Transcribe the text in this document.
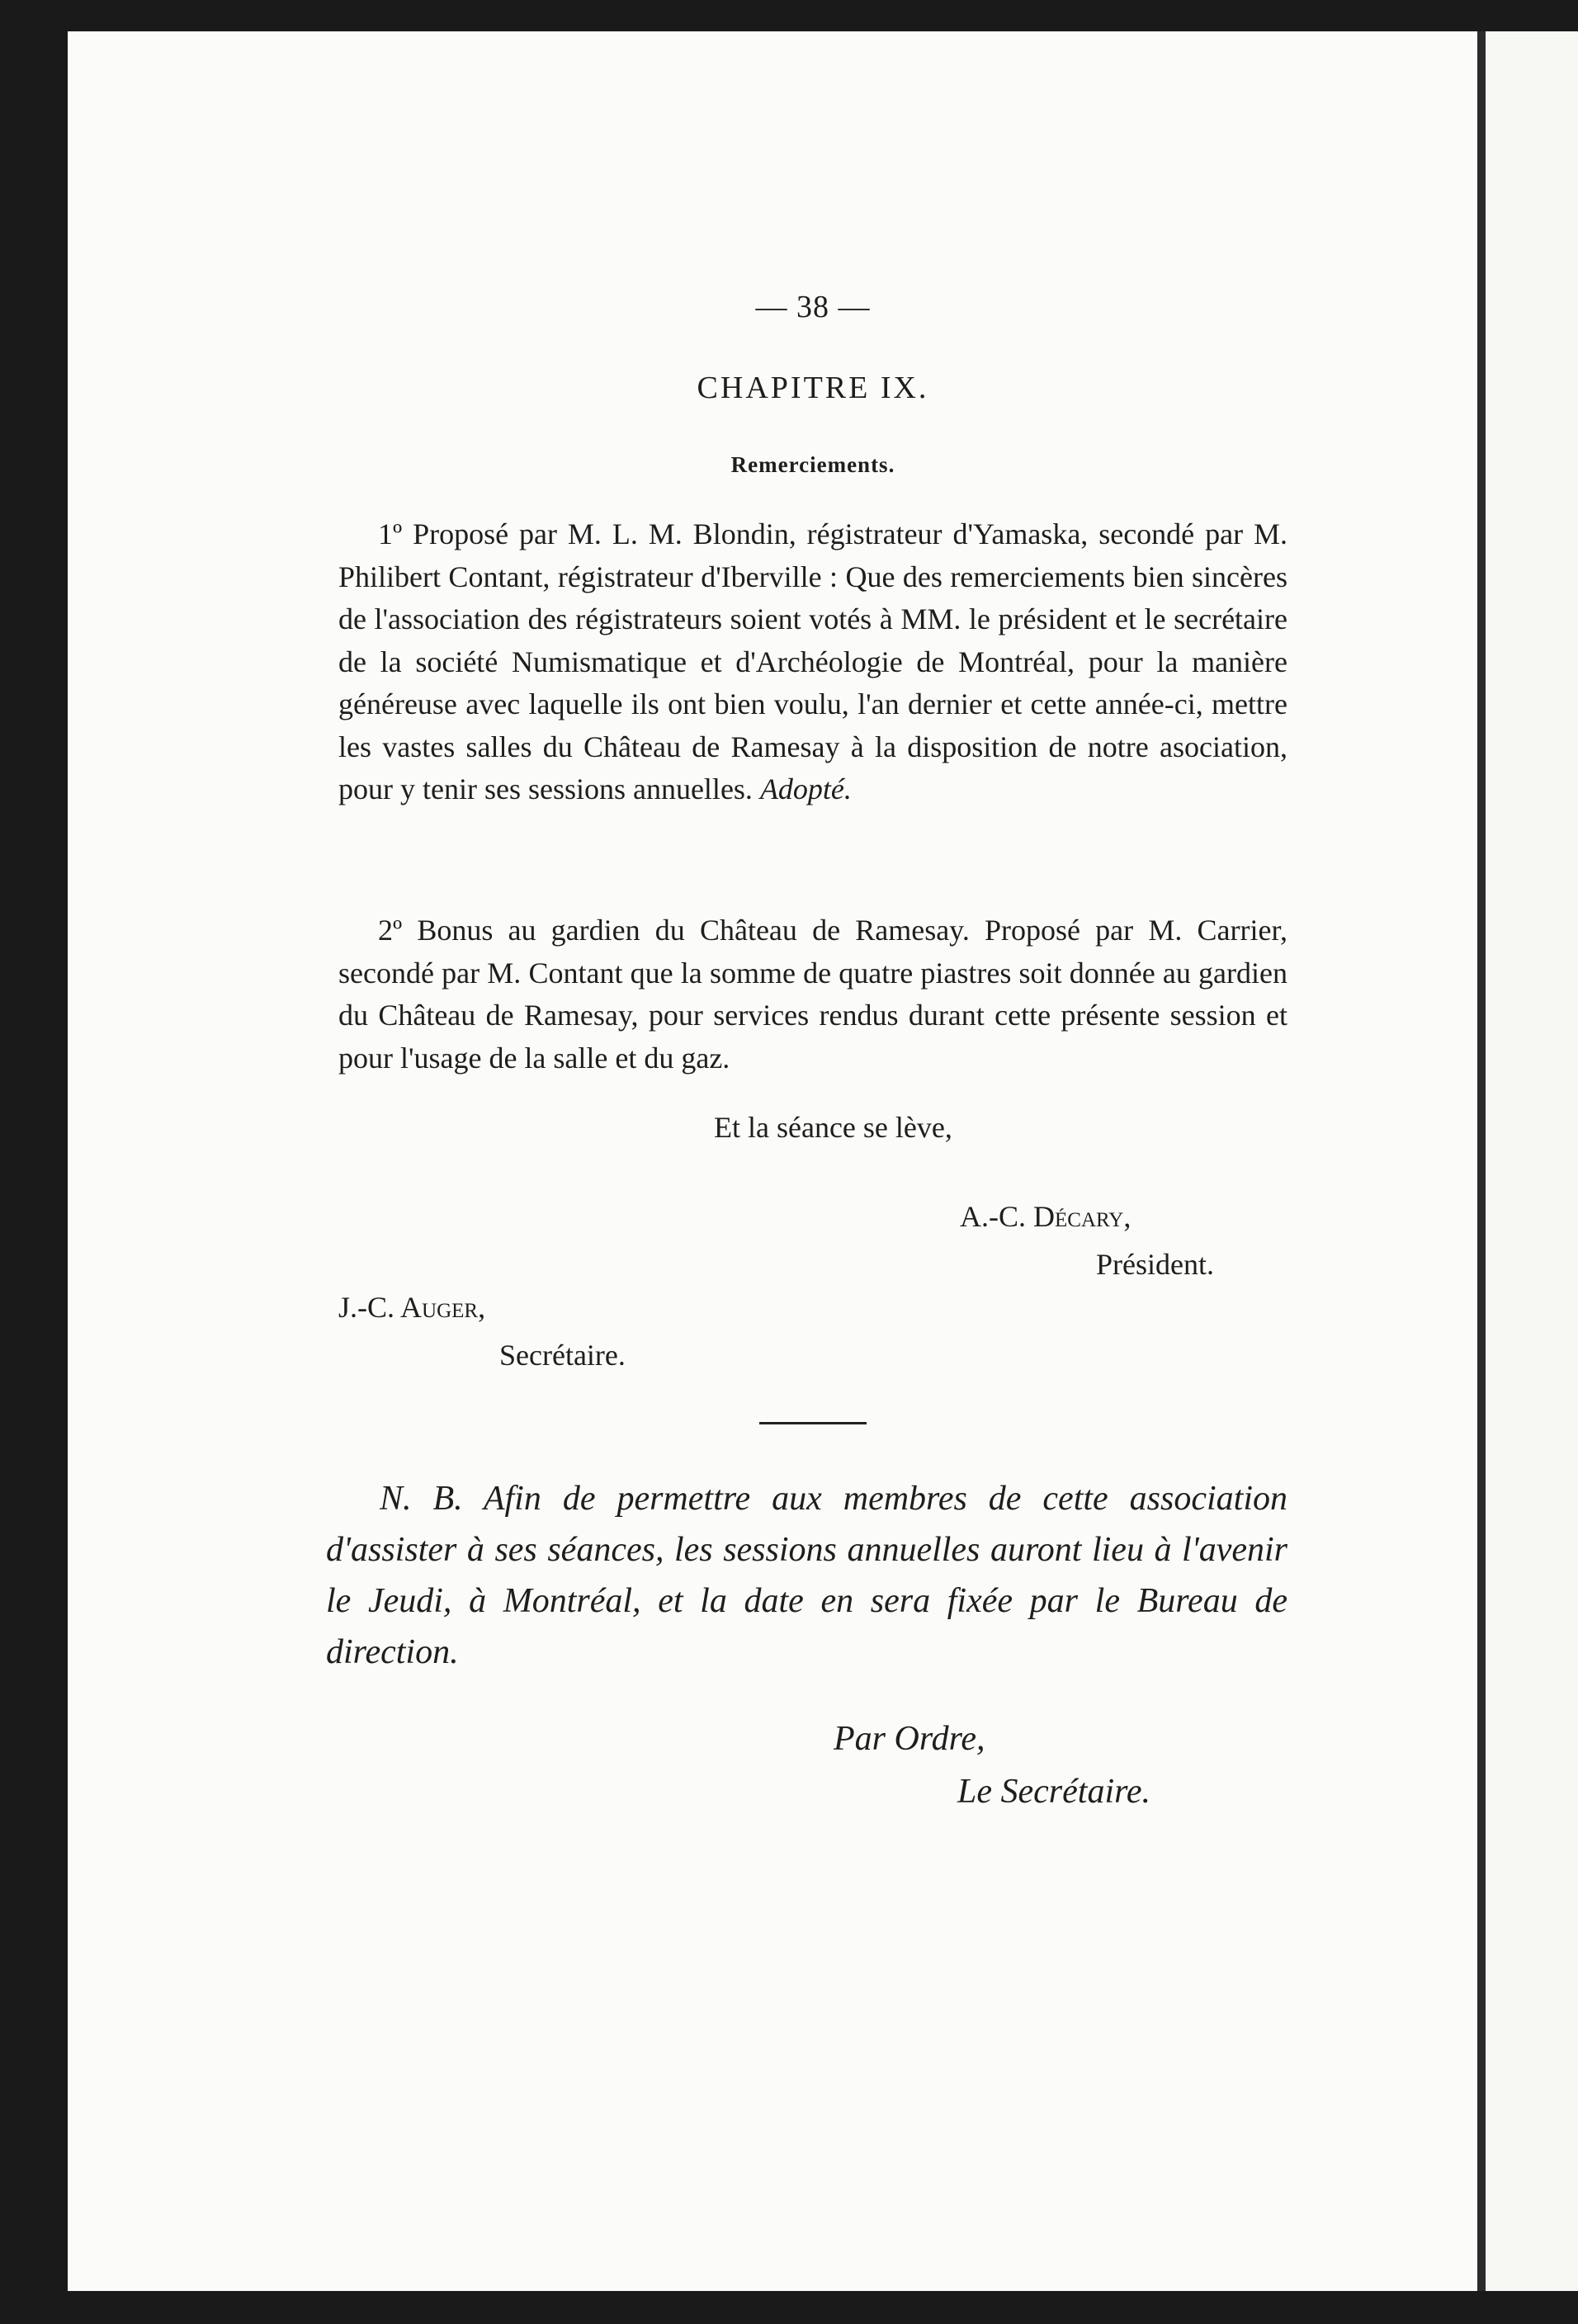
— 38 —
CHAPITRE IX.
Remerciements.
1º Proposé par M. L. M. Blondin, régistrateur d'Yamaska, secondé par M. Philibert Contant, régistrateur d'Iberville : Que des remerciements bien sincères de l'association des régistrateurs soient votés à MM. le président et le secrétaire de la société Numismatique et d'Archéologie de Montréal, pour la manière généreuse avec laquelle ils ont bien voulu, l'an dernier et cette année-ci, mettre les vastes salles du Château de Ramesay à la disposition de notre asociation, pour y tenir ses sessions annuelles. Adopté.
2º Bonus au gardien du Château de Ramesay. Proposé par M. Carrier, secondé par M. Contant que la somme de quatre piastres soit donnée au gardien du Château de Ramesay, pour services rendus durant cette présente session et pour l'usage de la salle et du gaz.
Et la séance se lève,
A.-C. Décary,
Président.
J.-C. Auger,
Secrétaire.
N. B. Afin de permettre aux membres de cette association d'assister à ses séances, les sessions annuelles auront lieu à l'avenir le Jeudi, à Montréal, et la date en sera fixée par le Bureau de direction.
Par Ordre,
Le Secrétaire.
